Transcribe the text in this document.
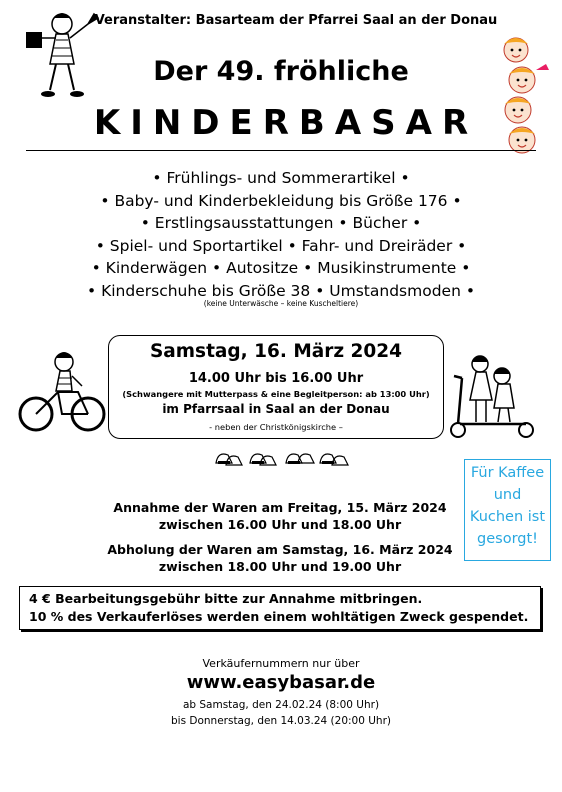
Veranstalter: Basarteam der Pfarrei Saal an der Donau
Der 49. fröhliche
KINDERBASAR
• Frühlings- und Sommerartikel •
• Baby- und Kinderbekleidung bis Größe 176 •
• Erstlingsausstattungen • Bücher •
• Spiel- und Sportartikel • Fahr- und Dreiräder •
• Kinderwägen • Autositze • Musikinstrumente •
• Kinderschuhe bis Größe 38 • Umstandsmoden •
(keine Unterwäsche – keine Kuscheltiere)
Samstag, 16. März 2024
14.00 Uhr bis 16.00 Uhr
(Schwangere mit Mutterpass & eine Begleitperson: ab 13:00 Uhr)
im Pfarrsaal in Saal an der Donau
- neben der Christkönigskirche –
Für Kaffee
und
Kuchen ist
gesorgt!
Annahme der Waren am Freitag, 15. März 2024
zwischen 16.00 Uhr und 18.00 Uhr
Abholung der Waren am Samstag, 16. März 2024
zwischen 18.00 Uhr und 19.00 Uhr
4 € Bearbeitungsgebühr bitte zur Annahme mitbringen.
10 % des Verkauferlöses werden einem wohltätigen Zweck gespendet.
Verkäufernummern nur über
www.easybasar.de
ab Samstag, den 24.02.24 (8:00 Uhr)
bis Donnerstag, den 14.03.24 (20:00 Uhr)
